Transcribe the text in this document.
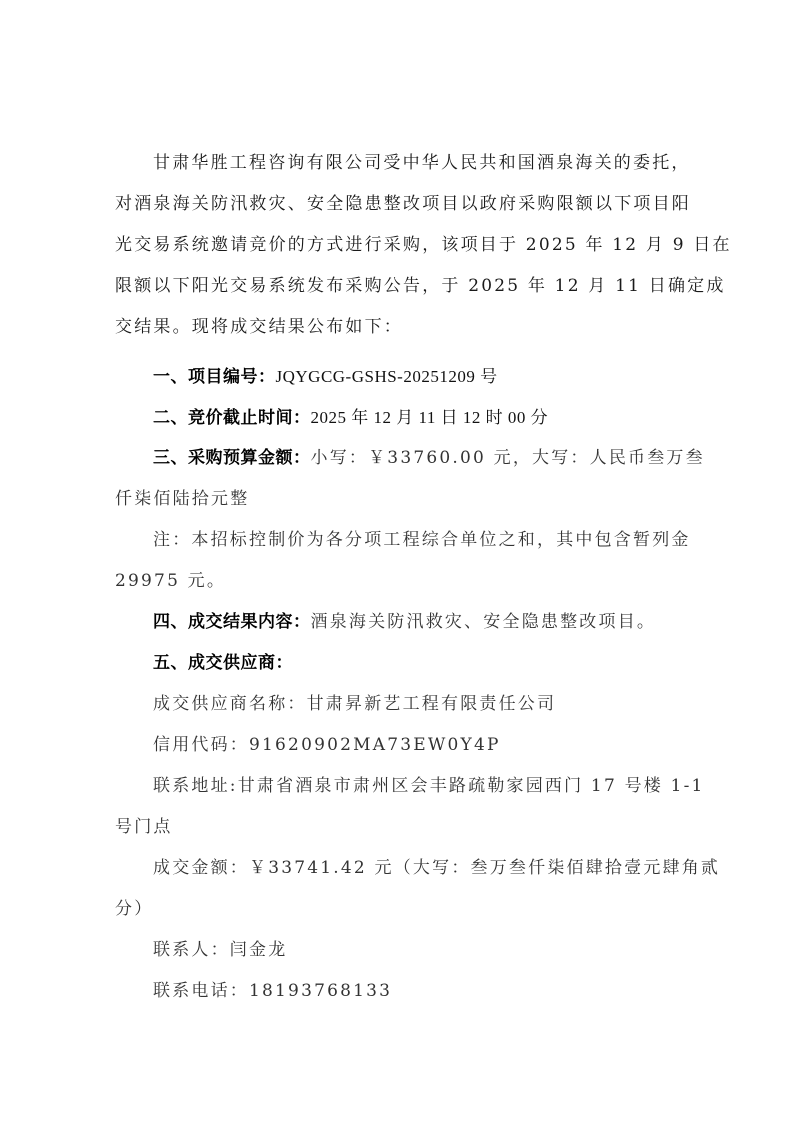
甘肃华胜工程咨询有限公司受中华人民共和国酒泉海关的委托，
对酒泉海关防汛救灾、安全隐患整改项目以政府采购限额以下项目阳
光交易系统邀请竞价的方式进行采购，该项目于 2025 年 12 月 9 日在
限额以下阳光交易系统发布采购公告，于 2025 年 12 月 11 日确定成
交结果。现将成交结果公布如下：
一、项目编号：JQYGCG-GSHS-20251209 号
二、竞价截止时间：2025 年 12 月 11 日 12 时 00 分
三、采购预算金额：小写：￥33760.00 元，大写：人民币叁万叁
仟柒佰陆拾元整
注：本招标控制价为各分项工程综合单位之和，其中包含暂列金
29975 元。
四、成交结果内容：酒泉海关防汛救灾、安全隐患整改项目。
五、成交供应商：
成交供应商名称：甘肃昇新艺工程有限责任公司
信用代码：91620902MA73EW0Y4P
联系地址:甘肃省酒泉市肃州区会丰路疏勒家园西门 17 号楼 1-1
号门点
成交金额：￥33741.42 元（大写：叁万叁仟柒佰肆拾壹元肆角贰
分）
联系人：闫金龙
联系电话：18193768133
